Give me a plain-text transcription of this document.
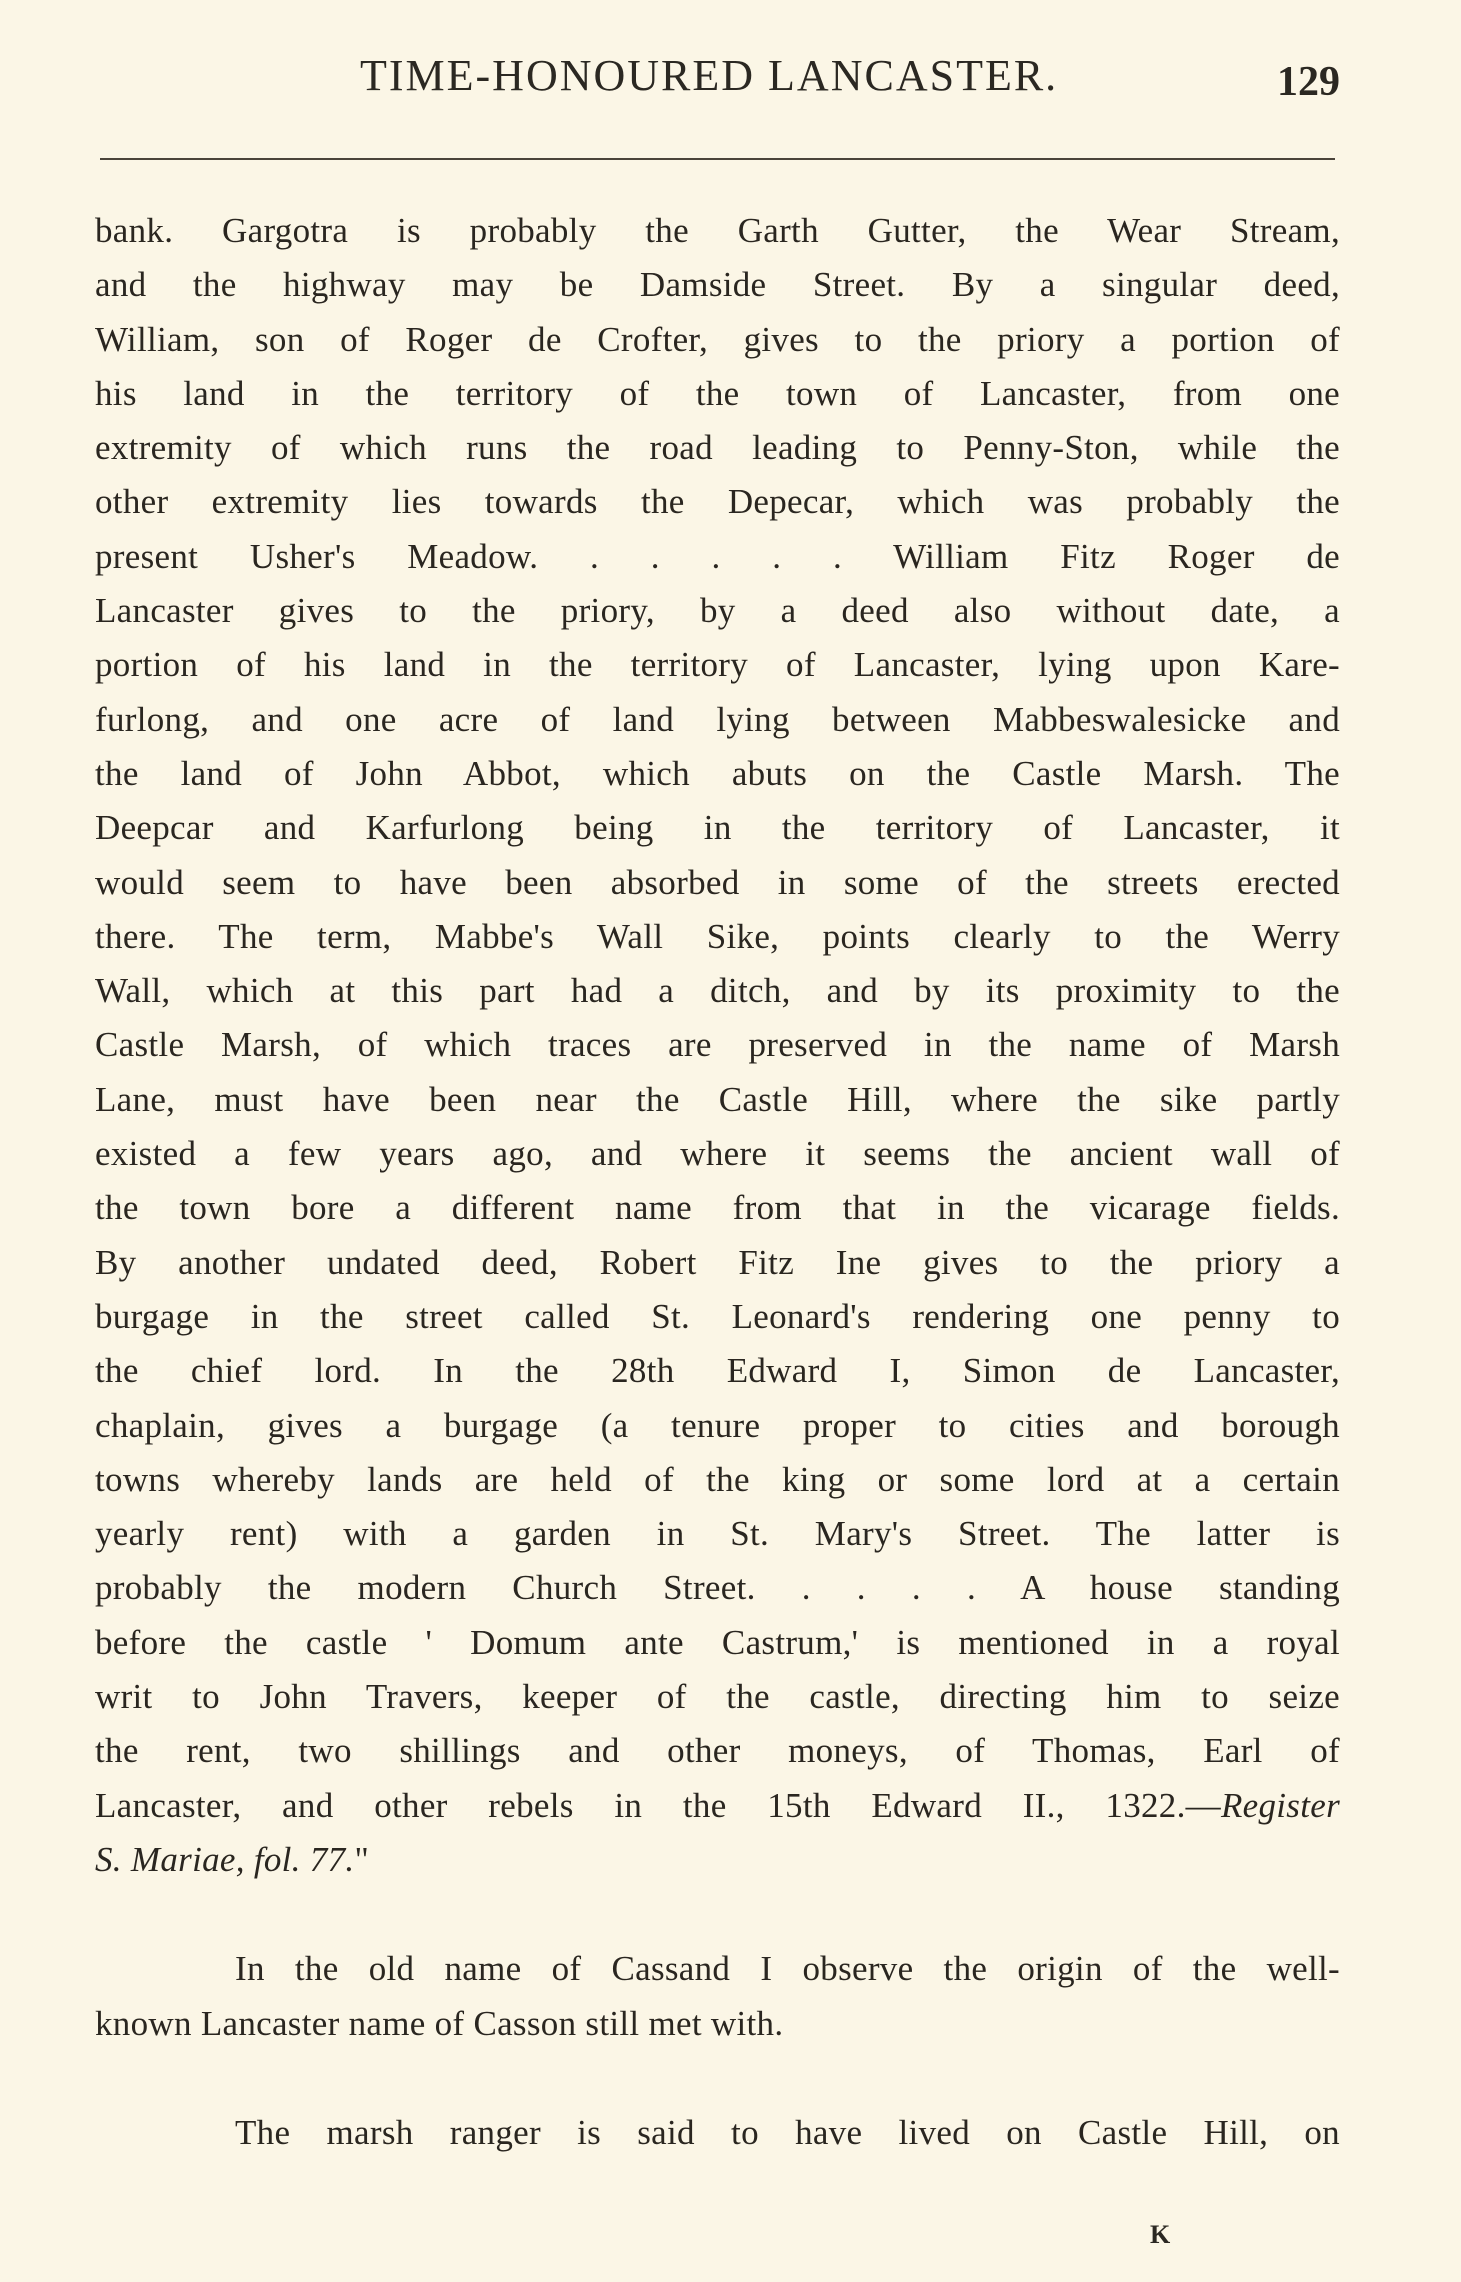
TIME-HONOURED LANCASTER.	129
bank. Gargotra is probably the Garth Gutter, the Wear Stream,
and the highway may be Damside Street. By a singular deed,
William, son of Roger de Crofter, gives to the priory a portion of
his land in the territory of the town of Lancaster, from one
extremity of which runs the road leading to Penny-Ston, while the
other extremity lies towards the Depecar, which was probably the
present Usher's Meadow. . . . . . William Fitz Roger de
Lancaster gives to the priory, by a deed also without date, a
portion of his land in the territory of Lancaster, lying upon Kare-
furlong, and one acre of land lying between Mabbeswalesicke and
the land of John Abbot, which abuts on the Castle Marsh. The
Deepcar and Karfurlong being in the territory of Lancaster, it
would seem to have been absorbed in some of the streets erected
there. The term, Mabbe's Wall Sike, points clearly to the Werry
Wall, which at this part had a ditch, and by its proximity to the
Castle Marsh, of which traces are preserved in the name of Marsh
Lane, must have been near the Castle Hill, where the sike partly
existed a few years ago, and where it seems the ancient wall of
the town bore a different name from that in the vicarage fields.
By another undated deed, Robert Fitz Ine gives to the priory a
burgage in the street called St. Leonard's rendering one penny to
the chief lord. In the 28th Edward I, Simon de Lancaster,
chaplain, gives a burgage (a tenure proper to cities and borough
towns whereby lands are held of the king or some lord at a certain
yearly rent) with a garden in St. Mary's Street. The latter is
probably the modern Church Street. . . . . A house standing
before the castle ' Domum ante Castrum,' is mentioned in a royal
writ to John Travers, keeper of the castle, directing him to seize
the rent, two shillings and other moneys, of Thomas, Earl of
Lancaster, and other rebels in the 15th Edward II., 1322.—Register
S. Mariae, fol. 77."
In the old name of Cassand I observe the origin of the well-
known Lancaster name of Casson still met with.
The marsh ranger is said to have lived on Castle Hill, on
K
